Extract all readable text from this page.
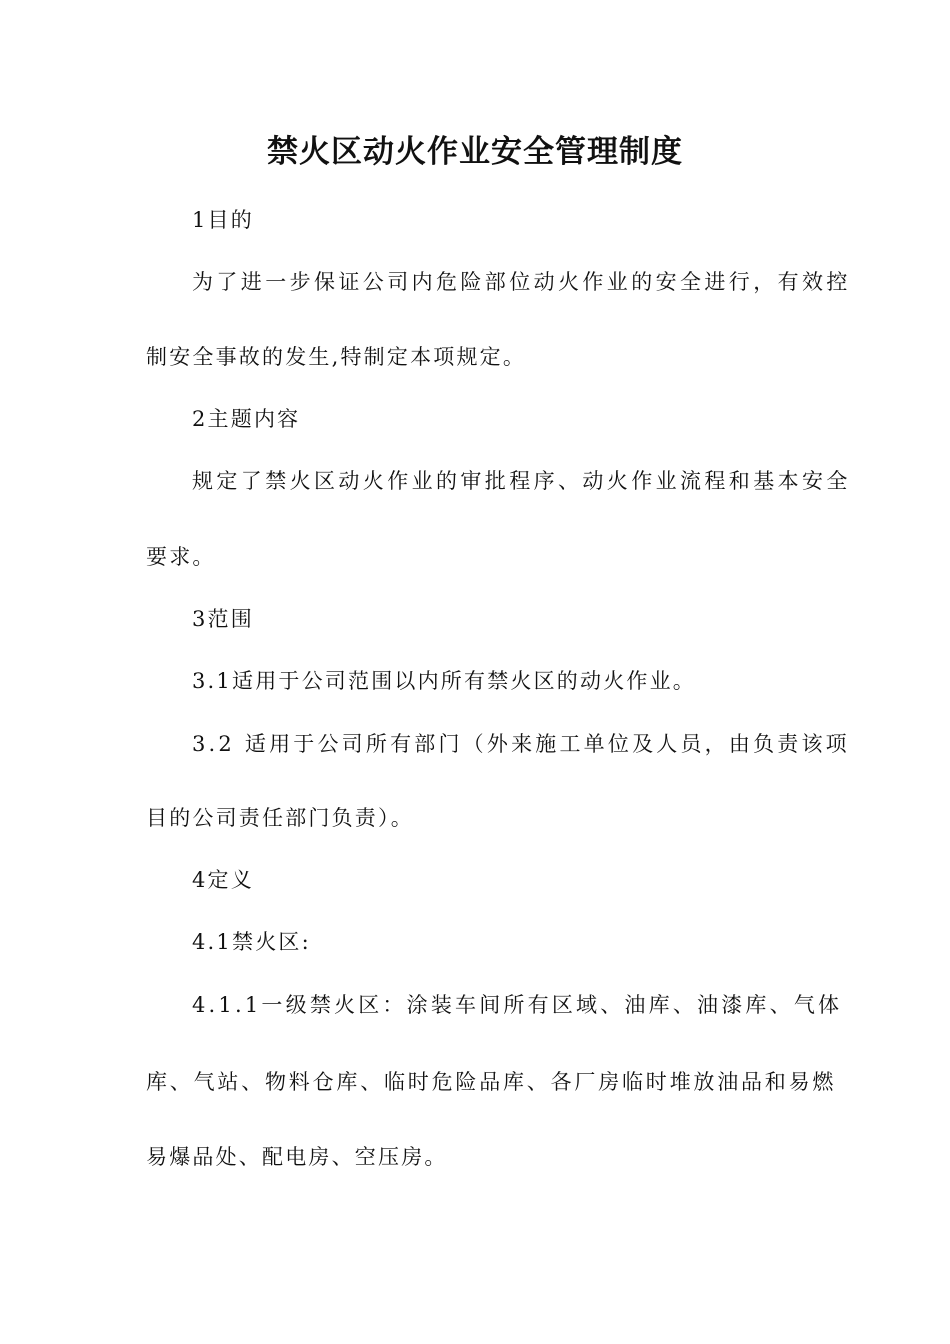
禁火区动火作业安全管理制度
1目的
为了进一步保证公司内危险部位动火作业的安全进行，有效控
制安全事故的发生,特制定本项规定。
2主题内容
规定了禁火区动火作业的审批程序、动火作业流程和基本安全
要求。
3范围
3.1适用于公司范围以内所有禁火区的动火作业。
3.2 适用于公司所有部门（外来施工单位及人员，由负责该项
目的公司责任部门负责）。
4定义
4.1禁火区:
4.1.1一级禁火区：涂装车间所有区域、油库、油漆库、气体
库、气站、物料仓库、临时危险品库、各厂房临时堆放油品和易燃
易爆品处、配电房、空压房。
